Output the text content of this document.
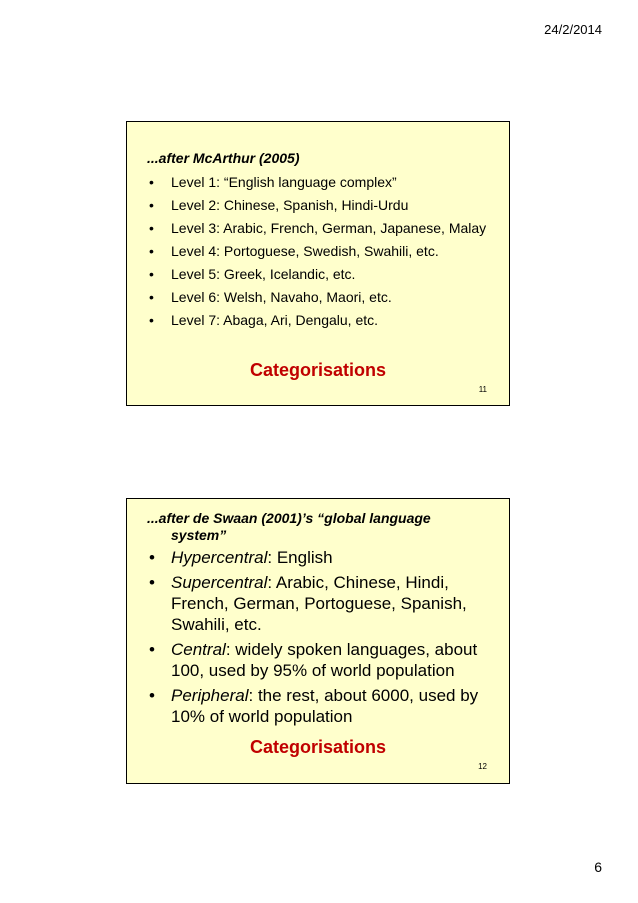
24/2/2014
...after McArthur (2005)
• Level 1: “English language complex”
• Level 2: Chinese, Spanish, Hindi-Urdu
• Level 3: Arabic, French, German, Japanese, Malay
• Level 4: Portoguese, Swedish, Swahili, etc.
• Level 5: Greek, Icelandic, etc.
• Level 6: Welsh, Navaho, Maori, etc.
• Level 7: Abaga, Ari, Dengalu, etc.
Categorisations
11
...after de Swaan (2001)’s “global language
system”
• Hypercentral: English
• Supercentral: Arabic, Chinese, Hindi, French, German, Portoguese, Spanish, Swahili, etc.
• Central: widely spoken languages, about 100, used by 95% of world population
• Peripheral: the rest, about 6000, used by 10% of world population
Categorisations
12
6
